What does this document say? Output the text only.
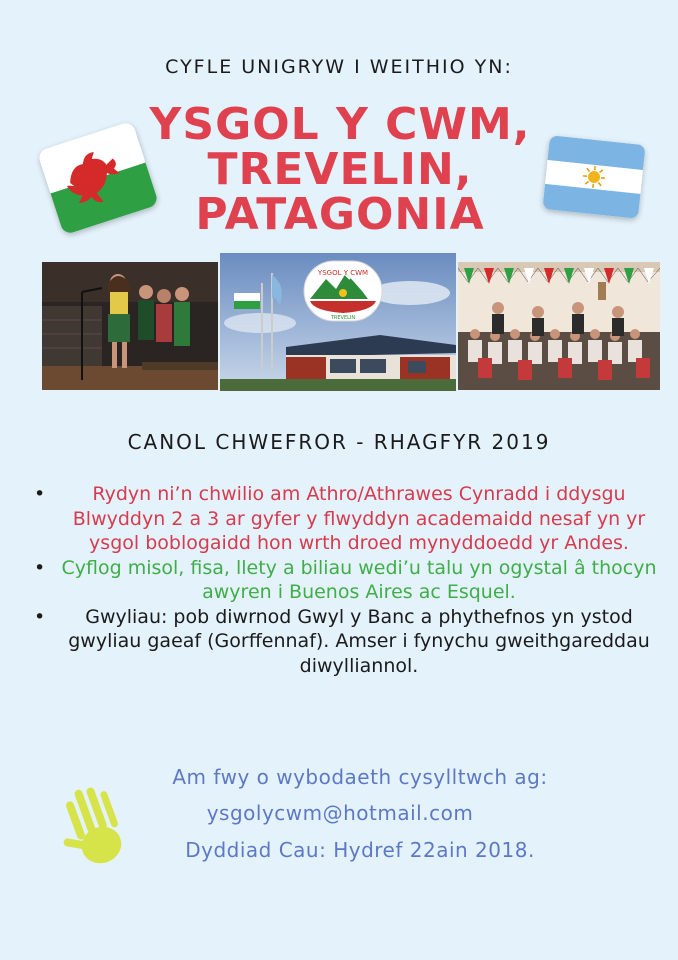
CYFLE UNIGRYW I WEITHIO YN:
YSGOL Y CWM,
TREVELIN,
PATAGONIA
YSGOL Y CWM
TREVELIN
CANOL CHWEFROR - RHAGFYR 2019
• Rydyn ni’n chwilio am Athro/Athrawes Cynradd i ddysgu Blwyddyn 2 a 3 ar gyfer y flwyddyn academaidd nesaf yn yr ysgol boblogaidd hon wrth droed mynyddoedd yr Andes.
• Cyflog misol, fisa, llety a biliau wedi’u talu yn ogystal â thocyn awyren i Buenos Aires ac Esquel.
• Gwyliau: pob diwrnod Gwyl y Banc a phythefnos yn ystod gwyliau gaeaf (Gorffennaf). Amser i fynychu gweithgareddau diwylliannol.
Am fwy o wybodaeth cysylltwch ag:
ysgolycwm@hotmail.com
Dyddiad Cau: Hydref 22ain 2018.
